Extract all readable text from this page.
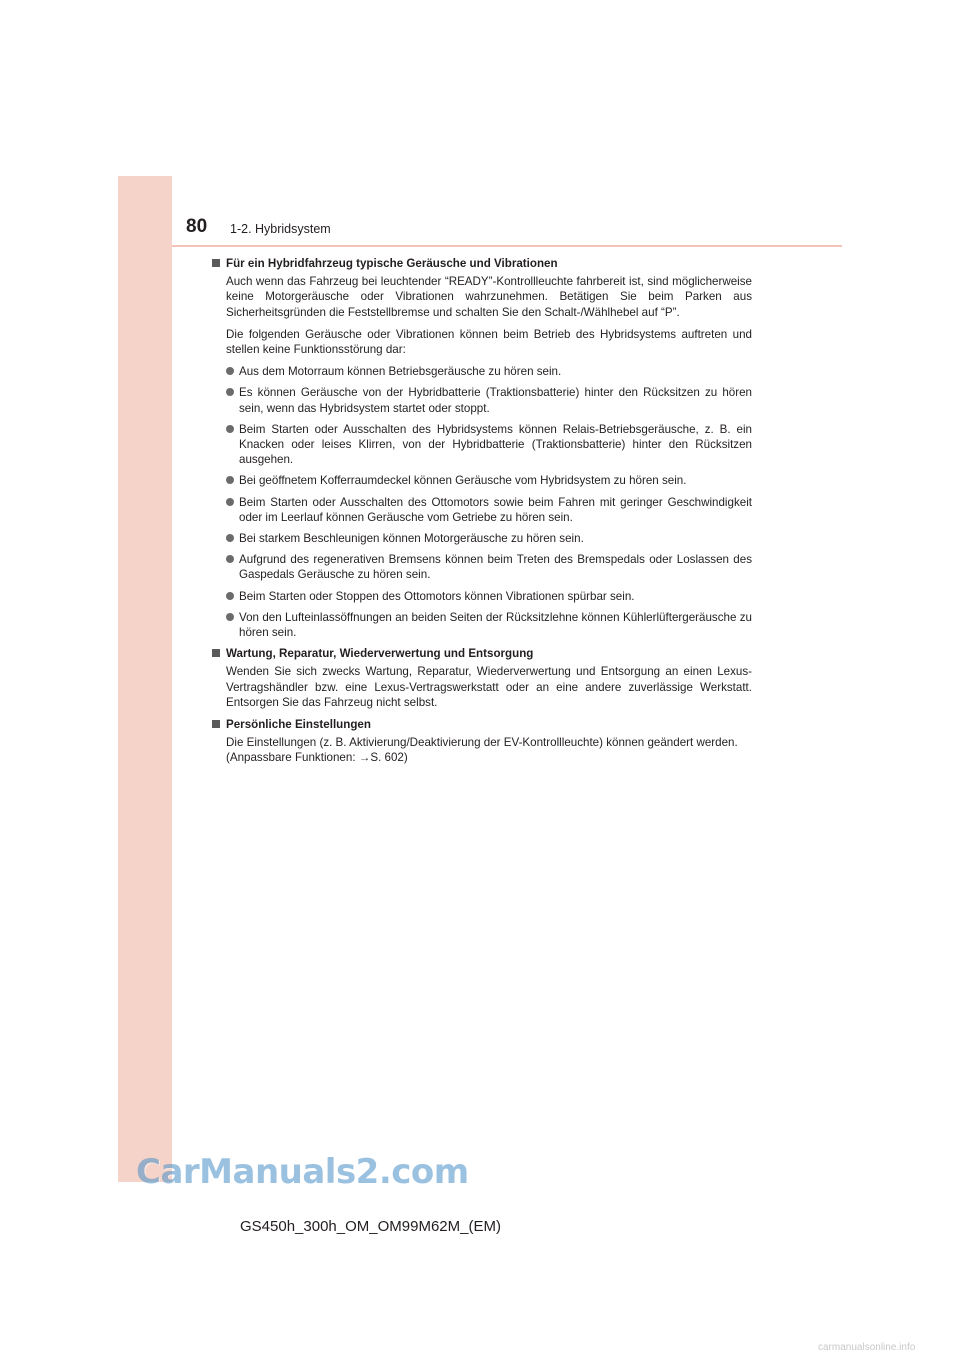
80 1-2. Hybridsystem
Für ein Hybridfahrzeug typische Geräusche und Vibrationen
Auch wenn das Fahrzeug bei leuchtender “READY”-Kontrollleuchte fahrbereit ist, sind möglicherweise keine Motorgeräusche oder Vibrationen wahrzunehmen. Betätigen Sie beim Parken aus Sicherheitsgründen die Feststellbremse und schalten Sie den Schalt-/Wählhebel auf “P”.
Die folgenden Geräusche oder Vibrationen können beim Betrieb des Hybridsystems auftreten und stellen keine Funktionsstörung dar:
Aus dem Motorraum können Betriebsgeräusche zu hören sein.
Es können Geräusche von der Hybridbatterie (Traktionsbatterie) hinter den Rücksitzen zu hören sein, wenn das Hybridsystem startet oder stoppt.
Beim Starten oder Ausschalten des Hybridsystems können Relais-Betriebsgeräusche, z. B. ein Knacken oder leises Klirren, von der Hybridbatterie (Traktionsbatterie) hinter den Rücksitzen ausgehen.
Bei geöffnetem Kofferraumdeckel können Geräusche vom Hybridsystem zu hören sein.
Beim Starten oder Ausschalten des Ottomotors sowie beim Fahren mit geringer Geschwindigkeit oder im Leerlauf können Geräusche vom Getriebe zu hören sein.
Bei starkem Beschleunigen können Motorgeräusche zu hören sein.
Aufgrund des regenerativen Bremsens können beim Treten des Bremspedals oder Loslassen des Gaspedals Geräusche zu hören sein.
Beim Starten oder Stoppen des Ottomotors können Vibrationen spürbar sein.
Von den Lufteinlassöffnungen an beiden Seiten der Rücksitzlehne können Kühlerlüftergeräusche zu hören sein.
Wartung, Reparatur, Wiederverwertung und Entsorgung
Wenden Sie sich zwecks Wartung, Reparatur, Wiederverwertung und Entsorgung an einen Lexus-Vertragshändler bzw. eine Lexus-Vertragswerkstatt oder an eine andere zuverlässige Werkstatt. Entsorgen Sie das Fahrzeug nicht selbst.
Persönliche Einstellungen
Die Einstellungen (z. B. Aktivierung/Deaktivierung der EV-Kontrollleuchte) können geändert werden.
(Anpassbare Funktionen: →S. 602)
CarManuals2.com
GS450h_300h_OM_OM99M62M_(EM)
carmanualsonline.info
